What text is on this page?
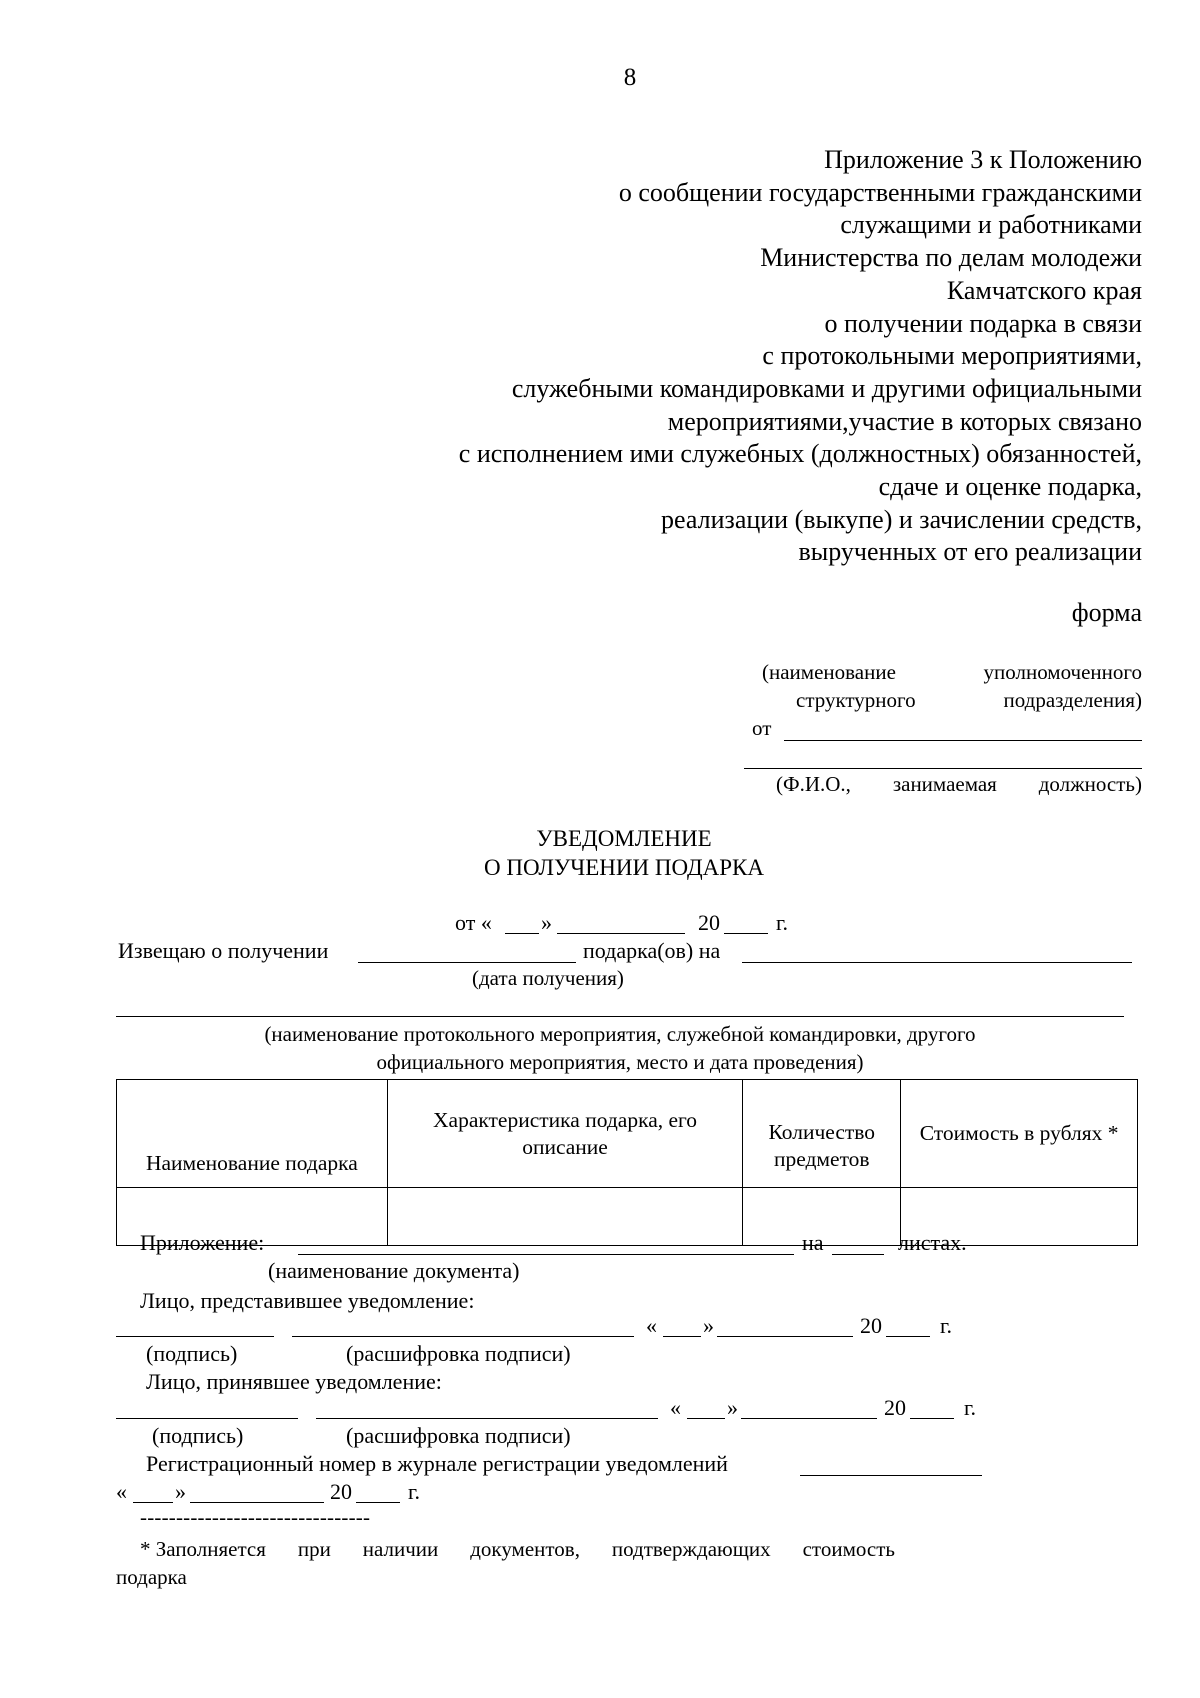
8
Приложение 3 к Положению
о сообщении государственными гражданскими
служащими и работниками
Министерства по делам молодежи
Камчатского края
о получении подарка в связи
с протокольными мероприятиями,
служебными командировками и другими официальными
мероприятиями,участие в которых связано
с исполнением ими служебных (должностных) обязанностей,
сдаче и оценке подарка,
реализации (выкупе) и зачислении средств,
вырученных от его реализации
форма
(наименование	уполномоченного
структурного	подразделения)
от
(Ф.И.О., занимаемая должность)
УВЕДОМЛЕНИЕ
О ПОЛУЧЕНИИ ПОДАРКА
от « »	20	г.
Извещаю о получении	подарка(ов) на
(дата получения)
(наименование протокольного мероприятия, служебной командировки, другого
официального мероприятия, место и дата проведения)
Наименование подарка	Характеристика подарка, его описание	Количество предметов	Стоимость в рублях *

Приложение:	на	листах.
(наименование документа)
Лицо, представившее уведомление:
« »	20	г.
(подпись)	(расшифровка подписи)
Лицо, принявшее уведомление:
« »	20	г.
(подпись)	(расшифровка подписи)
Регистрационный номер в журнале регистрации уведомлений
« »	20	г.
--------------------------------
* Заполняется при наличии документов, подтверждающих стоимость
подарка
